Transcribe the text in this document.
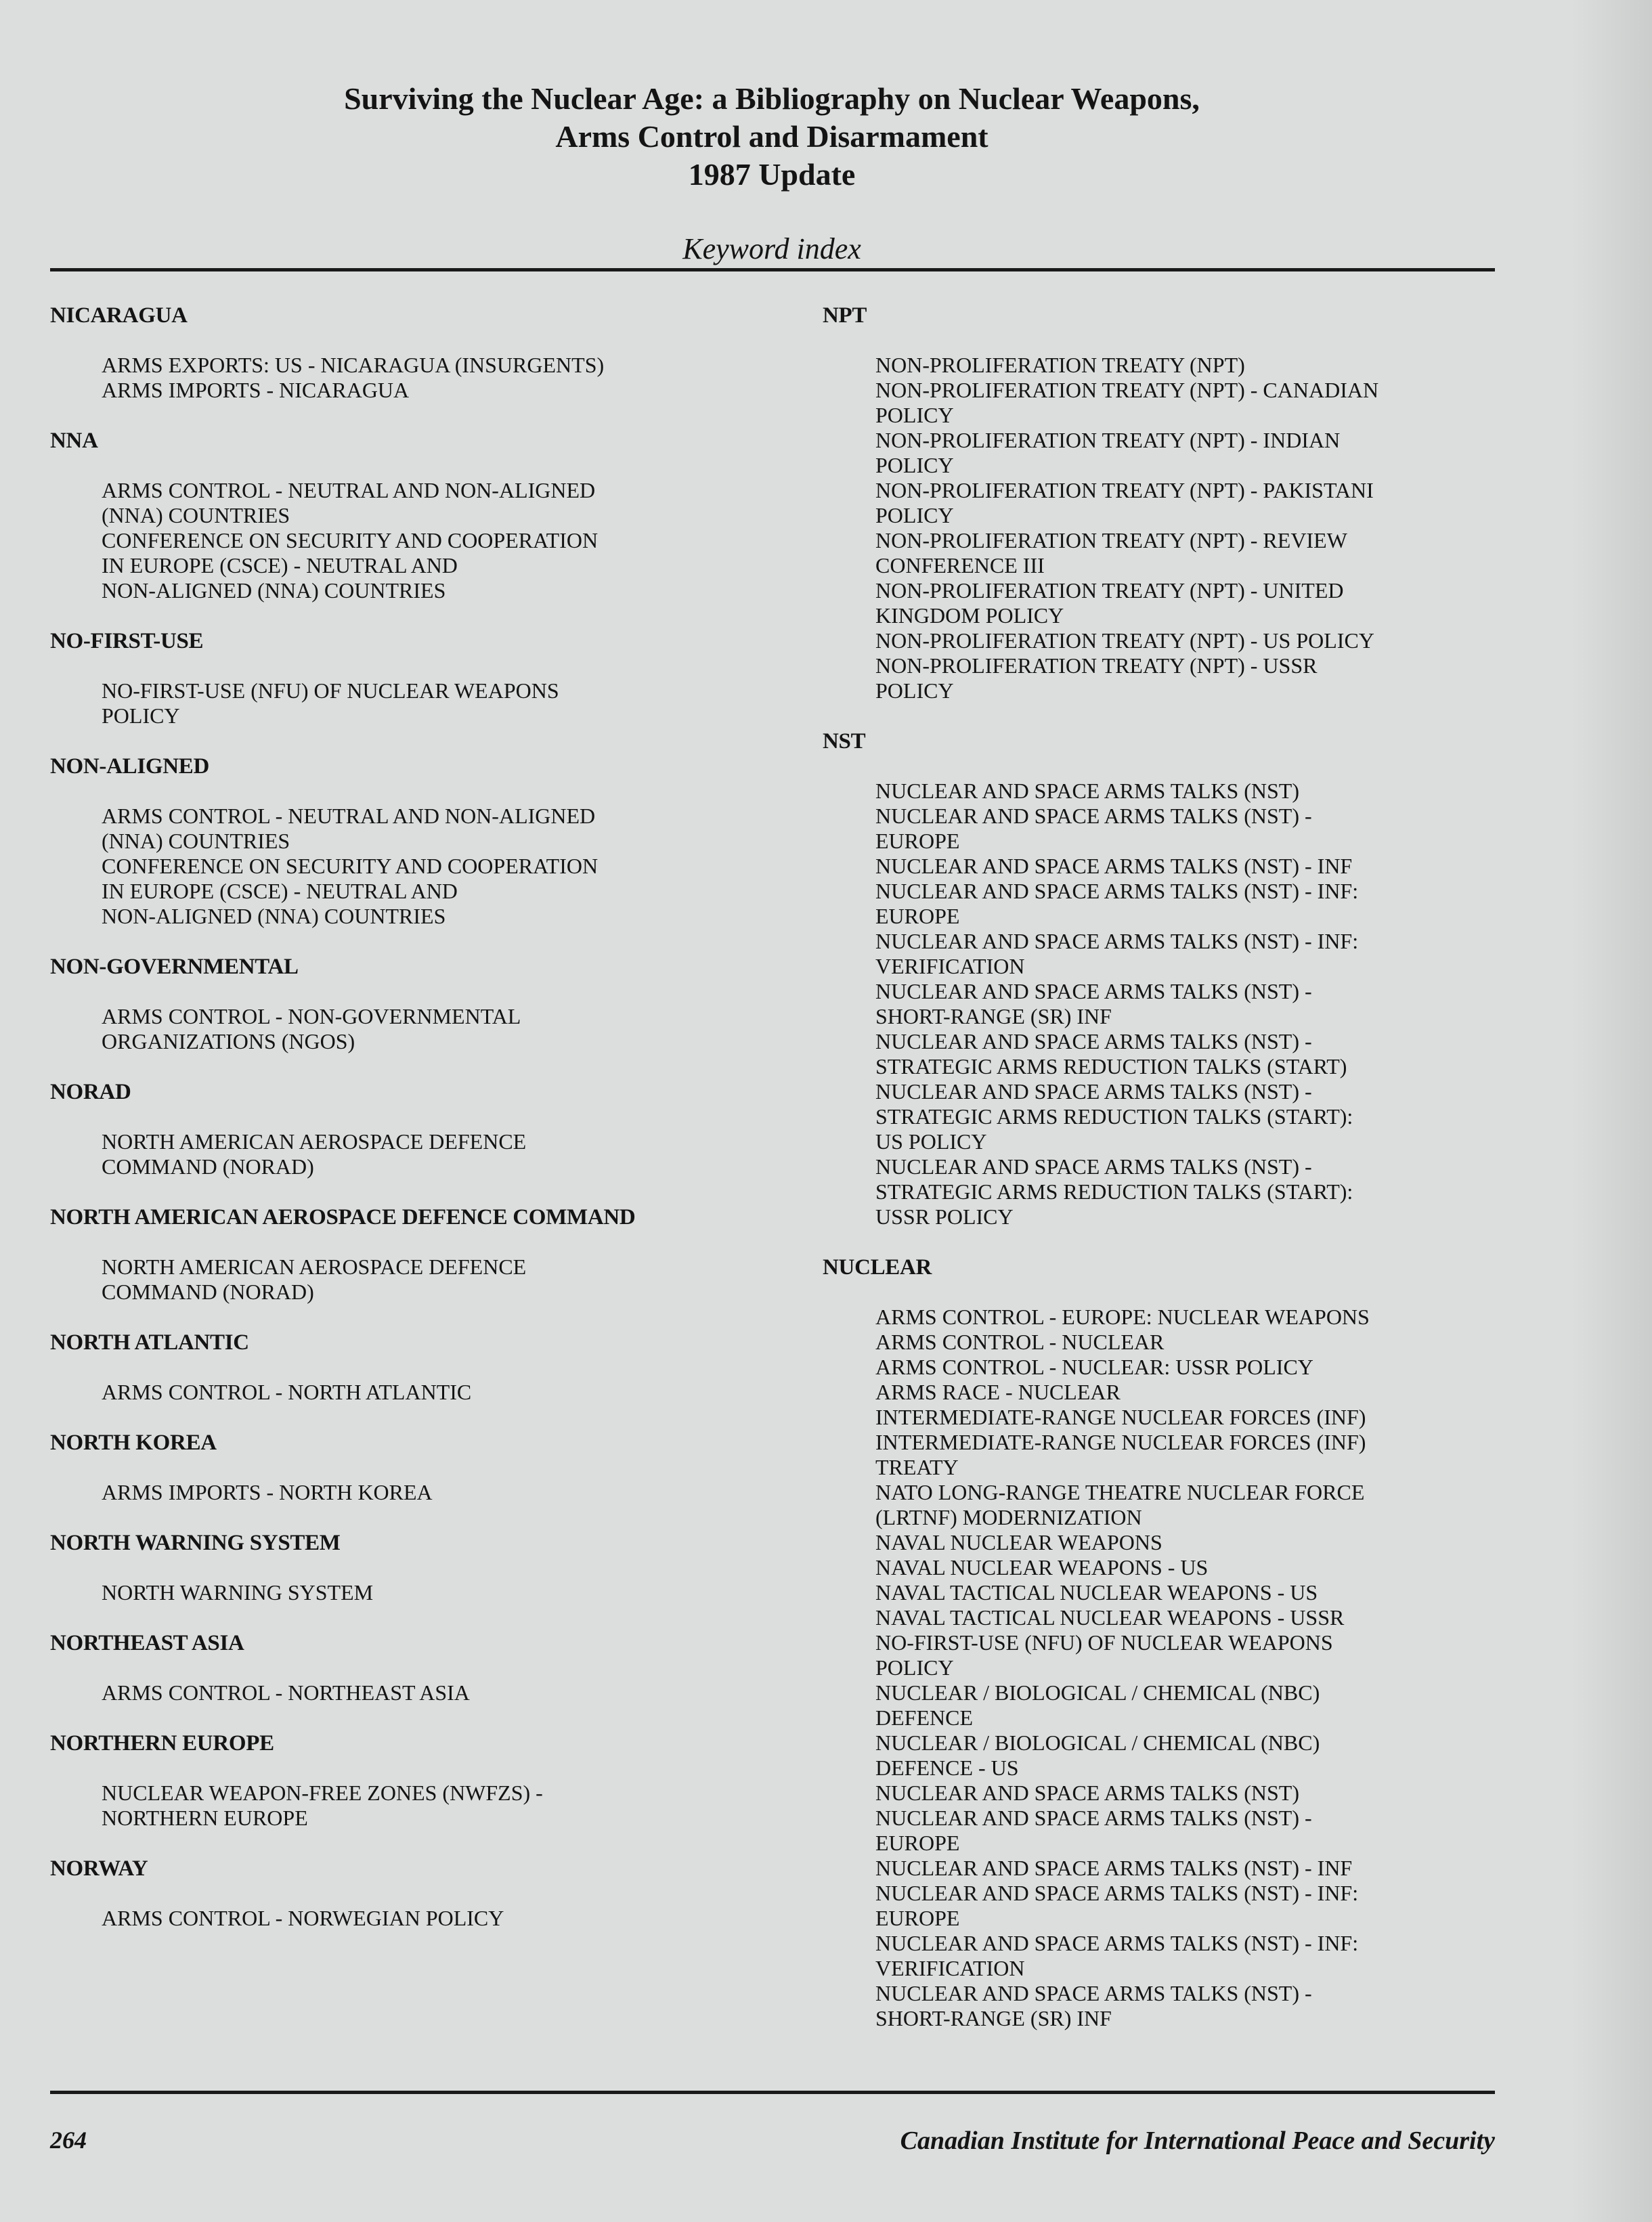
Surviving the Nuclear Age: a Bibliography on Nuclear Weapons,
Arms Control and Disarmament
1987 Update
Keyword index
NICARAGUA
ARMS EXPORTS: US - NICARAGUA (INSURGENTS)
ARMS IMPORTS - NICARAGUA
NNA
ARMS CONTROL - NEUTRAL AND NON-ALIGNED
(NNA) COUNTRIES
CONFERENCE ON SECURITY AND COOPERATION
IN EUROPE (CSCE) - NEUTRAL AND
NON-ALIGNED (NNA) COUNTRIES
NO-FIRST-USE
NO-FIRST-USE (NFU) OF NUCLEAR WEAPONS
POLICY
NON-ALIGNED
ARMS CONTROL - NEUTRAL AND NON-ALIGNED
(NNA) COUNTRIES
CONFERENCE ON SECURITY AND COOPERATION
IN EUROPE (CSCE) - NEUTRAL AND
NON-ALIGNED (NNA) COUNTRIES
NON-GOVERNMENTAL
ARMS CONTROL - NON-GOVERNMENTAL
ORGANIZATIONS (NGOS)
NORAD
NORTH AMERICAN AEROSPACE DEFENCE
COMMAND (NORAD)
NORTH AMERICAN AEROSPACE DEFENCE COMMAND
NORTH AMERICAN AEROSPACE DEFENCE
COMMAND (NORAD)
NORTH ATLANTIC
ARMS CONTROL - NORTH ATLANTIC
NORTH KOREA
ARMS IMPORTS - NORTH KOREA
NORTH WARNING SYSTEM
NORTH WARNING SYSTEM
NORTHEAST ASIA
ARMS CONTROL - NORTHEAST ASIA
NORTHERN EUROPE
NUCLEAR WEAPON-FREE ZONES (NWFZS) -
NORTHERN EUROPE
NORWAY
ARMS CONTROL - NORWEGIAN POLICY
NPT
NON-PROLIFERATION TREATY (NPT)
NON-PROLIFERATION TREATY (NPT) - CANADIAN
POLICY
NON-PROLIFERATION TREATY (NPT) - INDIAN
POLICY
NON-PROLIFERATION TREATY (NPT) - PAKISTANI
POLICY
NON-PROLIFERATION TREATY (NPT) - REVIEW
CONFERENCE III
NON-PROLIFERATION TREATY (NPT) - UNITED
KINGDOM POLICY
NON-PROLIFERATION TREATY (NPT) - US POLICY
NON-PROLIFERATION TREATY (NPT) - USSR
POLICY
NST
NUCLEAR AND SPACE ARMS TALKS (NST)
NUCLEAR AND SPACE ARMS TALKS (NST) -
EUROPE
NUCLEAR AND SPACE ARMS TALKS (NST) - INF
NUCLEAR AND SPACE ARMS TALKS (NST) - INF:
EUROPE
NUCLEAR AND SPACE ARMS TALKS (NST) - INF:
VERIFICATION
NUCLEAR AND SPACE ARMS TALKS (NST) -
SHORT-RANGE (SR) INF
NUCLEAR AND SPACE ARMS TALKS (NST) -
STRATEGIC ARMS REDUCTION TALKS (START)
NUCLEAR AND SPACE ARMS TALKS (NST) -
STRATEGIC ARMS REDUCTION TALKS (START):
US POLICY
NUCLEAR AND SPACE ARMS TALKS (NST) -
STRATEGIC ARMS REDUCTION TALKS (START):
USSR POLICY
NUCLEAR
ARMS CONTROL - EUROPE: NUCLEAR WEAPONS
ARMS CONTROL - NUCLEAR
ARMS CONTROL - NUCLEAR: USSR POLICY
ARMS RACE - NUCLEAR
INTERMEDIATE-RANGE NUCLEAR FORCES (INF)
INTERMEDIATE-RANGE NUCLEAR FORCES (INF)
TREATY
NATO LONG-RANGE THEATRE NUCLEAR FORCE
(LRTNF) MODERNIZATION
NAVAL NUCLEAR WEAPONS
NAVAL NUCLEAR WEAPONS - US
NAVAL TACTICAL NUCLEAR WEAPONS - US
NAVAL TACTICAL NUCLEAR WEAPONS - USSR
NO-FIRST-USE (NFU) OF NUCLEAR WEAPONS
POLICY
NUCLEAR / BIOLOGICAL / CHEMICAL (NBC)
DEFENCE
NUCLEAR / BIOLOGICAL / CHEMICAL (NBC)
DEFENCE - US
NUCLEAR AND SPACE ARMS TALKS (NST)
NUCLEAR AND SPACE ARMS TALKS (NST) -
EUROPE
NUCLEAR AND SPACE ARMS TALKS (NST) - INF
NUCLEAR AND SPACE ARMS TALKS (NST) - INF:
EUROPE
NUCLEAR AND SPACE ARMS TALKS (NST) - INF:
VERIFICATION
NUCLEAR AND SPACE ARMS TALKS (NST) -
SHORT-RANGE (SR) INF
264	Canadian Institute for International Peace and Security
